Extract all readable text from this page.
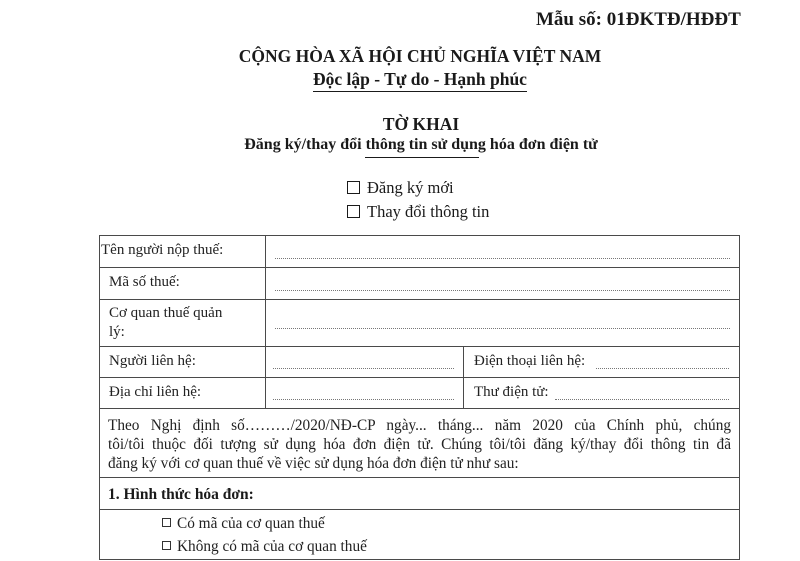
Mẫu số: 01ĐKTĐ/HĐĐT
CỘNG HÒA XÃ HỘI CHỦ NGHĨA VIỆT NAM
Độc lập - Tự do - Hạnh phúc
TỜ KHAI
Đăng ký/thay đổi thông tin sử dụng hóa đơn điện tử
Đăng ký mới
Thay đổi thông tin
Tên người nộp thuế:
Mã số thuế:
Cơ quan thuế quản
lý:
Người liên hệ:	Điện thoại liên hệ:
Địa chỉ liên hệ:	Thư điện tử:
Theo Nghị định số………/2020/NĐ-CP ngày... tháng... năm 2020 của Chính phủ, chúng
tôi/tôi thuộc đối tượng sử dụng hóa đơn điện tử. Chúng tôi/tôi đăng ký/thay đổi thông tin đã
đăng ký với cơ quan thuế về việc sử dụng hóa đơn điện tử như sau:
1. Hình thức hóa đơn:
Có mã của cơ quan thuế
Không có mã của cơ quan thuế
